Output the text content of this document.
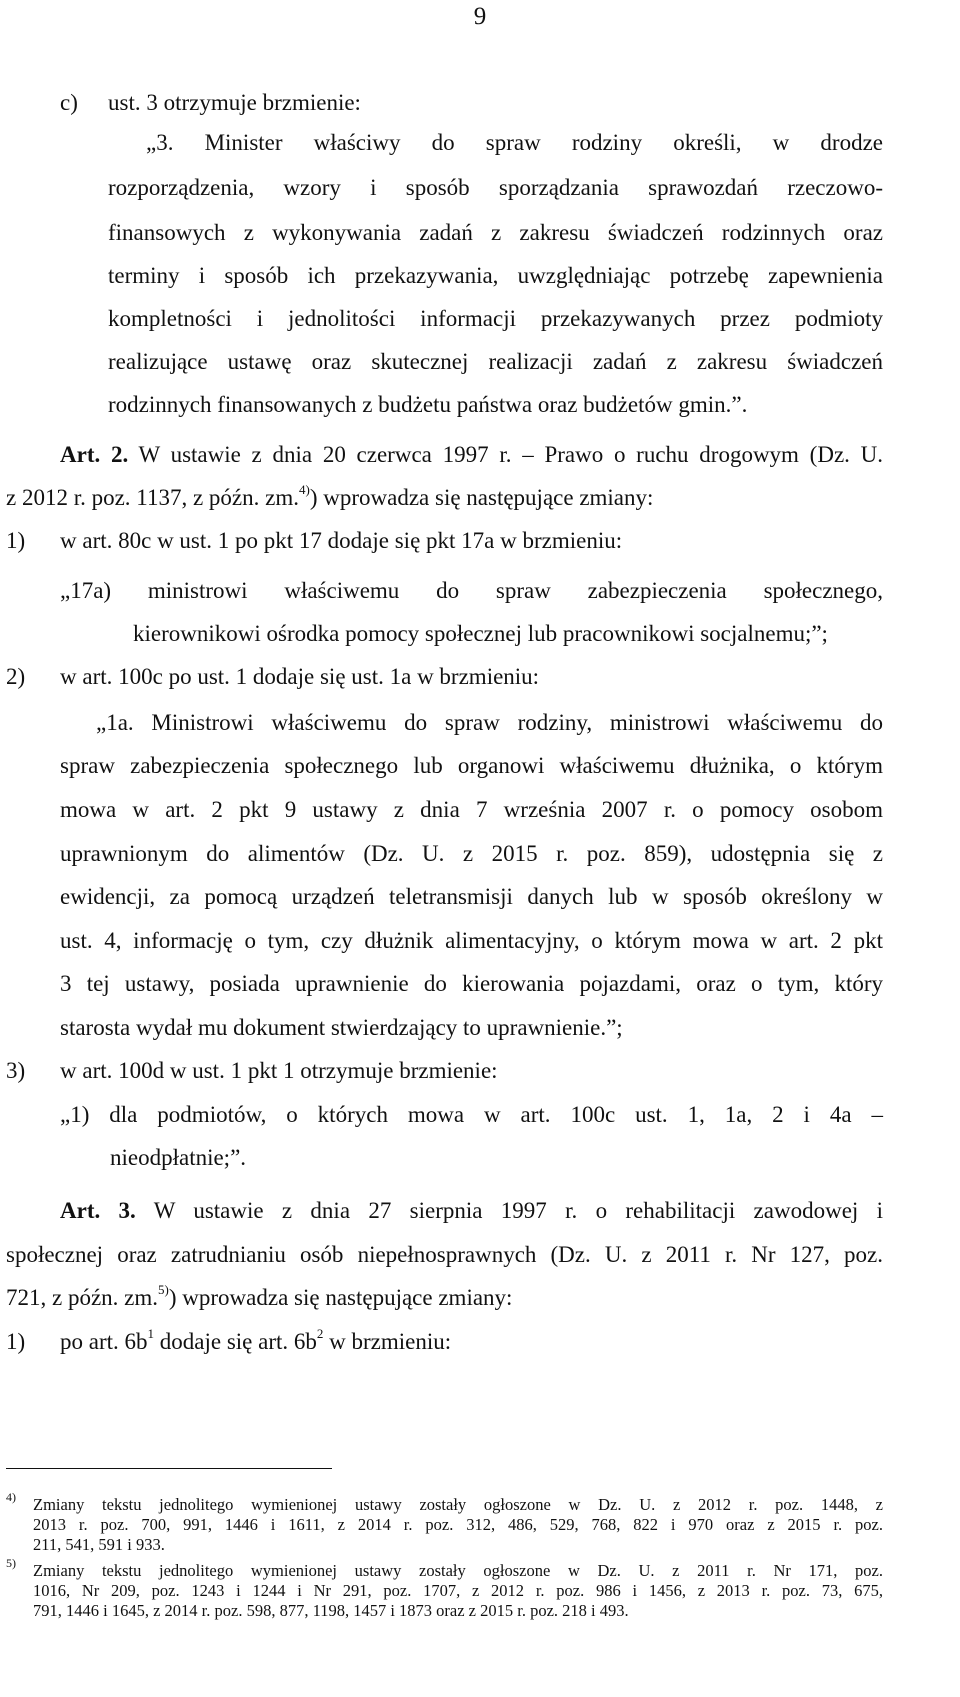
9
c) ust. 3 otrzymuje brzmienie:
„3. Minister właściwy do spraw rodziny określi, w drodze
rozporządzenia, wzory i sposób sporządzania sprawozdań rzeczowo-
finansowych z wykonywania zadań z zakresu świadczeń rodzinnych oraz
terminy i sposób ich przekazywania, uwzględniając potrzebę zapewnienia
kompletności i jednolitości informacji przekazywanych przez podmioty
realizujące ustawę oraz skutecznej realizacji zadań z zakresu świadczeń
rodzinnych finansowanych z budżetu państwa oraz budżetów gmin.”.
Art. 2. W ustawie z dnia 20 czerwca 1997 r. – Prawo o ruchu drogowym (Dz. U.
z 2012 r. poz. 1137, z późn. zm.$^{4)}$) wprowadza się następujące zmiany:
1) w art. 80c w ust. 1 po pkt 17 dodaje się pkt 17a w brzmieniu:
„17a) ministrowi właściwemu do spraw zabezpieczenia społecznego,
kierownikowi ośrodka pomocy społecznej lub pracownikowi socjalnemu;”;
2) w art. 100c po ust. 1 dodaje się ust. 1a w brzmieniu:
„1a. Ministrowi właściwemu do spraw rodziny, ministrowi właściwemu do
spraw zabezpieczenia społecznego lub organowi właściwemu dłużnika, o którym
mowa w art. 2 pkt 9 ustawy z dnia 7 września 2007 r. o pomocy osobom
uprawnionym do alimentów (Dz. U. z 2015 r. poz. 859), udostępnia się z
ewidencji, za pomocą urządzeń teletransmisji danych lub w sposób określony w
ust. 4, informację o tym, czy dłużnik alimentacyjny, o którym mowa w art. 2 pkt
3 tej ustawy, posiada uprawnienie do kierowania pojazdami, oraz o tym, który
starosta wydał mu dokument stwierdzający to uprawnienie.”;
3) w art. 100d w ust. 1 pkt 1 otrzymuje brzmienie:
„1) dla podmiotów, o których mowa w art. 100c ust. 1, 1a, 2 i 4a –
nieodpłatnie;”.
Art. 3. W ustawie z dnia 27 sierpnia 1997 r. o rehabilitacji zawodowej i
społecznej oraz zatrudnianiu osób niepełnosprawnych (Dz. U. z 2011 r. Nr 127, poz.
721, z późn. zm.$^{5)}$) wprowadza się następujące zmiany:
1) po art. $6b^1$ dodaje się art. $6b^2$ w brzmieniu:
4) Zmiany tekstu jednolitego wymienionej ustawy zostały ogłoszone w Dz. U. z 2012 r. poz. 1448, z
2013 r. poz. 700, 991, 1446 i 1611, z 2014 r. poz. 312, 486, 529, 768, 822 i 970 oraz z 2015 r. poz.
211, 541, 591 i 933.
5) Zmiany tekstu jednolitego wymienionej ustawy zostały ogłoszone w Dz. U. z 2011 r. Nr 171, poz.
1016, Nr 209, poz. 1243 i 1244 i Nr 291, poz. 1707, z 2012 r. poz. 986 i 1456, z 2013 r. poz. 73, 675,
791, 1446 i 1645, z 2014 r. poz. 598, 877, 1198, 1457 i 1873 oraz z 2015 r. poz. 218 i 493.
